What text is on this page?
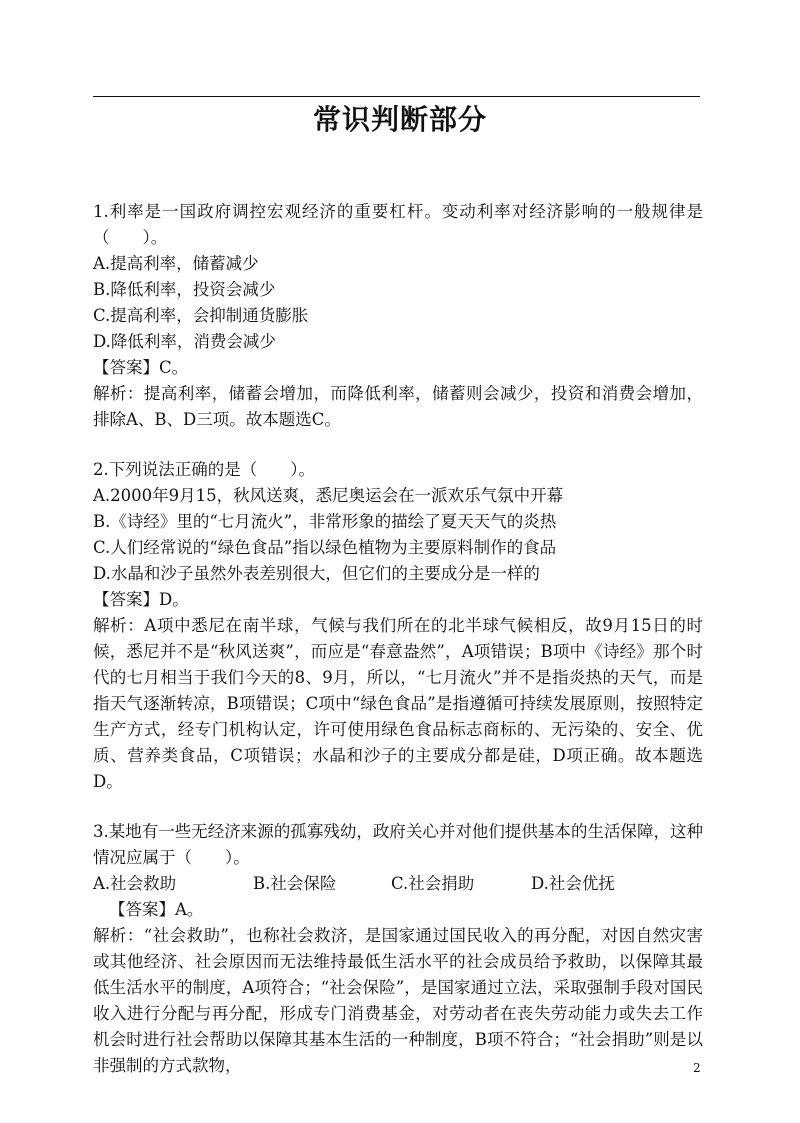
常识判断部分

1.利率是一国政府调控宏观经济的重要杠杆。变动利率对经济影响的一般规律是（　　）。

A.提高利率，储蓄减少

B.降低利率，投资会减少

C.提高利率，会抑制通货膨胀

D.降低利率，消费会减少

【答案】C。

解析：提高利率，储蓄会增加，而降低利率，储蓄则会减少，投资和消费会增加，排除A、B、D三项。故本题选C。

2.下列说法正确的是（　　）。

A.2000年9月15，秋风送爽，悉尼奥运会在一派欢乐气氛中开幕

B.《诗经》里的“七月流火”，非常形象的描绘了夏天天气的炎热

C.人们经常说的“绿色食品”指以绿色植物为主要原料制作的食品

D.水晶和沙子虽然外表差别很大，但它们的主要成分是一样的

【答案】D。

解析：A项中悉尼在南半球，气候与我们所在的北半球气候相反，故9月15日的时候，悉尼并不是“秋风送爽”，而应是“春意盎然”，A项错误；B项中《诗经》那个时代的七月相当于我们今天的8、9月，所以，“七月流火”并不是指炎热的天气，而是指天气逐渐转凉，B项错误；C项中“绿色食品”是指遵循可持续发展原则，按照特定生产方式，经专门机构认定，许可使用绿色食品标志商标的、无污染的、安全、优质、营养类食品，C项错误；水晶和沙子的主要成分都是硅，D项正确。故本题选D。

3.某地有一些无经济来源的孤寡残幼，政府关心并对他们提供基本的生活保障，这种情况应属于（　　）。

A.社会救助	B.社会保险	C.社会捐助	D.社会优抚

【答案】A。

解析：“社会救助”，也称社会救济，是国家通过国民收入的再分配，对因自然灾害或其他经济、社会原因而无法维持最低生活水平的社会成员给予救助，以保障其最低生活水平的制度，A项符合；“社会保险”，是国家通过立法，采取强制手段对国民收入进行分配与再分配，形成专门消费基金，对劳动者在丧失劳动能力或失去工作机会时进行社会帮助以保障其基本生活的一种制度，B项不符合；“社会捐助”则是以非强制的方式款物，	2
